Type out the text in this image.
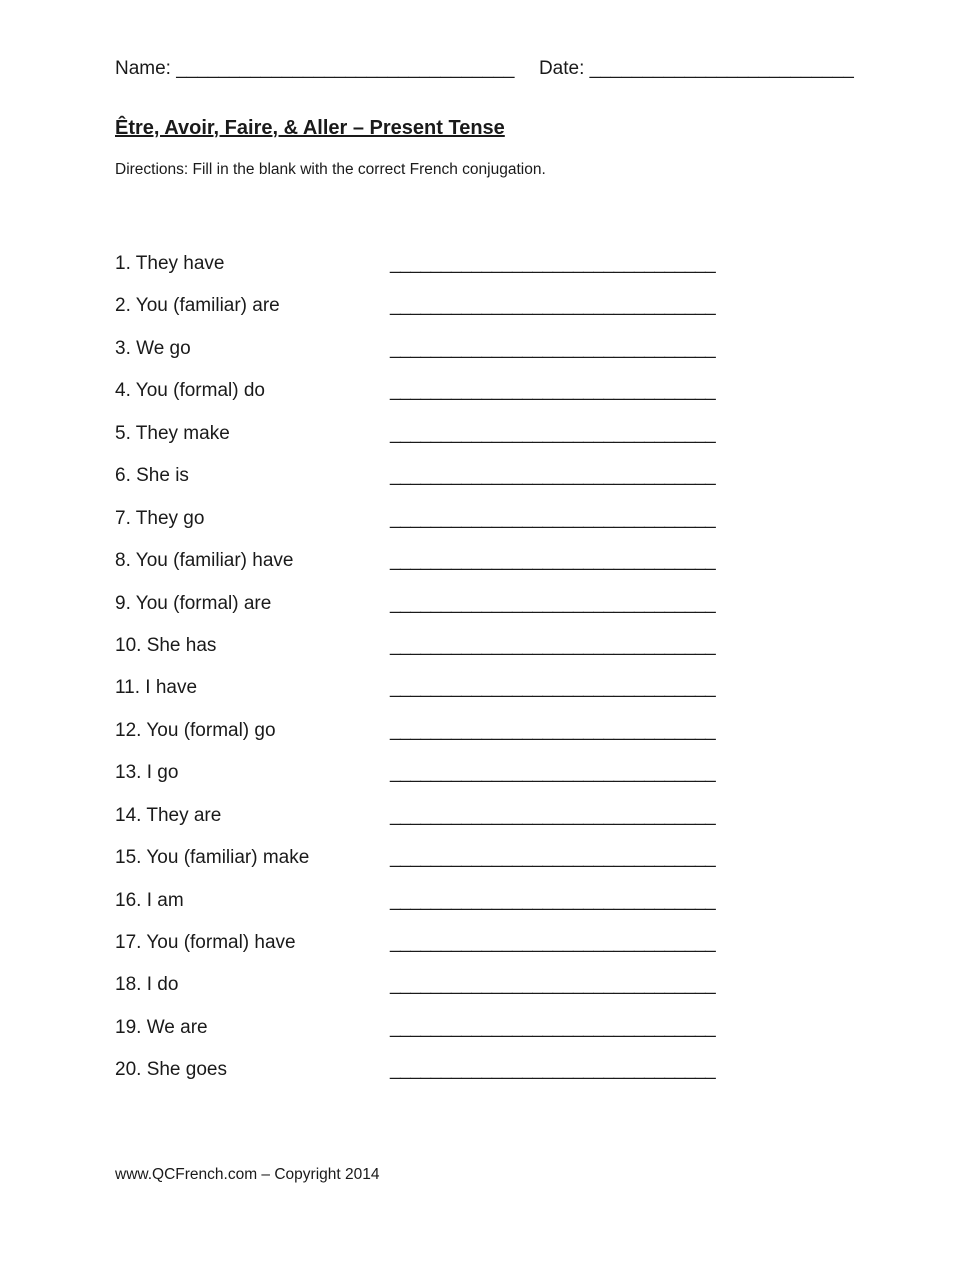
Name: ________________________________ Date: _________________________
Être, Avoir, Faire, & Aller – Present Tense
Directions: Fill in the blank with the correct French conjugation.
1. They have	________________________________
2. You (familiar) are	________________________________
3. We go	________________________________
4. You (formal) do	________________________________
5. They make	________________________________
6. She is	________________________________
7. They go	________________________________
8. You (familiar) have	________________________________
9. You (formal) are	________________________________
10. She has	________________________________
11. I have	________________________________
12. You (formal) go	________________________________
13. I go	________________________________
14. They are	________________________________
15. You (familiar) make	________________________________
16. I am	________________________________
17. You (formal) have	________________________________
18. I do	________________________________
19. We are	________________________________
20. She goes	________________________________
www.QCFrench.com – Copyright 2014
